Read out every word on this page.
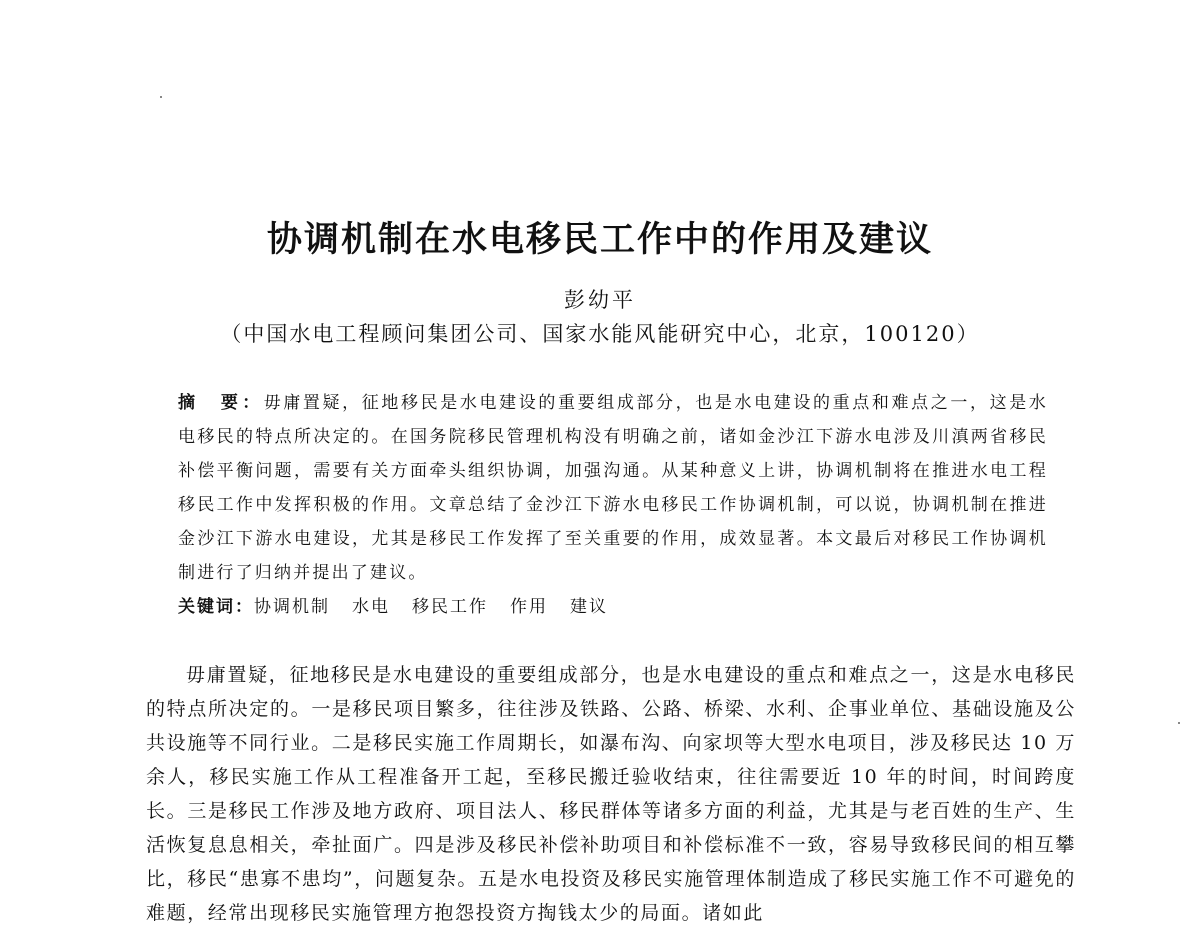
协调机制在水电移民工作中的作用及建议

彭幼平

（中国水电工程顾问集团公司、国家水能风能研究中心，北京，100120）

摘　要：毋庸置疑，征地移民是水电建设的重要组成部分，也是水电建设的重点和难点之一，这是水电移民的特点所决定的。在国务院移民管理机构没有明确之前，诸如金沙江下游水电涉及川滇两省移民补偿平衡问题，需要有关方面牵头组织协调，加强沟通。从某种意义上讲，协调机制将在推进水电工程移民工作中发挥积极的作用。文章总结了金沙江下游水电移民工作协调机制，可以说，协调机制在推进金沙江下游水电建设，尤其是移民工作发挥了至关重要的作用，成效显著。本文最后对移民工作协调机制进行了归纳并提出了建议。

关键词：协调机制 水电 移民工作 作用 建议

毋庸置疑，征地移民是水电建设的重要组成部分，也是水电建设的重点和难点之一，这是水电移民的特点所决定的。一是移民项目繁多，往往涉及铁路、公路、桥梁、水利、企事业单位、基础设施及公共设施等不同行业。二是移民实施工作周期长，如瀑布沟、向家坝等大型水电项目，涉及移民达 10 万余人，移民实施工作从工程准备开工起，至移民搬迁验收结束，往往需要近 10 年的时间，时间跨度长。三是移民工作涉及地方政府、项目法人、移民群体等诸多方面的利益，尤其是与老百姓的生产、生活恢复息息相关，牵扯面广。四是涉及移民补偿补助项目和补偿标准不一致，容易导致移民间的相互攀比，移民“患寡不患均”，问题复杂。五是水电投资及移民实施管理体制造成了移民实施工作不可避免的难题，经常出现移民实施管理方抱怨投资方掏钱太少的局面。诸如此
